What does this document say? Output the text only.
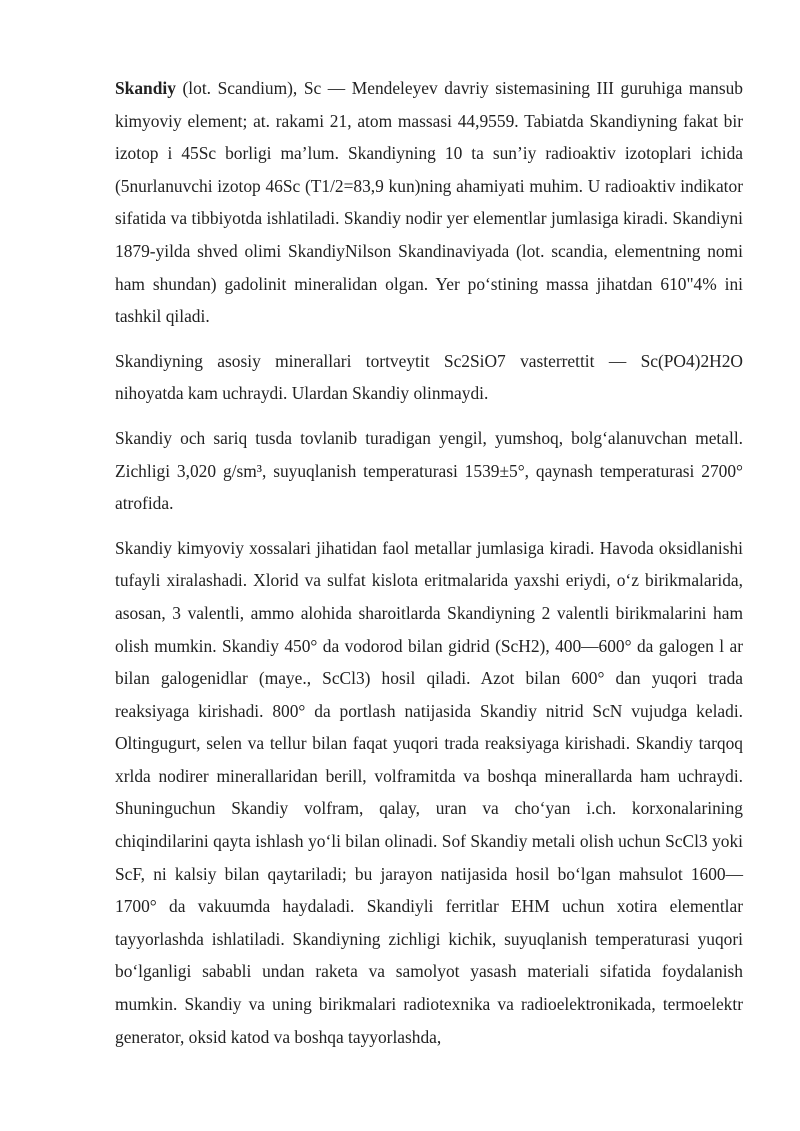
Skandiy (lot. Scandium), Sc — Mendeleyev davriy sistemasining III guruhiga mansub kimyoviy element; at. rakami 21, atom massasi 44,9559. Tabiatda Skandiyning fakat bir izotop i 45Sc borligi ma’lum. Skandiyning 10 ta sun’iy radioaktiv izotoplari ichida (5nurlanuvchi izotop 46Sc (T1/2=83,9 kun)ning ahamiyati muhim. U radioaktiv indikator sifatida va tibbiyotda ishlatiladi. Skandiy nodir yer elementlar jumlasiga kiradi. Skandiyni 1879-yilda shved olimi SkandiyNilson Skandinaviyada (lot. scandia, elementning nomi ham shundan) gadolinit mineralidan olgan. Yer po‘stining massa jihatdan 610"4% ini tashkil qiladi.

Skandiyning asosiy minerallari tortveytit Sc2SiO7 vasterrettit — Sc(PO4)2H2O nihoyatda kam uchraydi. Ulardan Skandiy olinmaydi.

Skandiy och sariq tusda tovlanib turadigan yengil, yumshoq, bolg‘alanuvchan metall. Zichligi 3,020 g/sm³, suyuqlanish temperaturasi 1539±5°, qaynash temperaturasi 2700° atrofida.

Skandiy kimyoviy xossalari jihatidan faol metallar jumlasiga kiradi. Havoda oksidlanishi tufayli xiralashadi. Xlorid va sulfat kislota eritmalarida yaxshi eriydi, o‘z birikmalarida, asosan, 3 valentli, ammo alohida sharoitlarda Skandiyning 2 valentli birikmalarini ham olish mumkin. Skandiy 450° da vodorod bilan gidrid (ScH2), 400—600° da galogen l ar bilan galogenidlar (maye., ScCl3) hosil qiladi. Azot bilan 600° dan yuqori trada reaksiyaga kirishadi. 800° da portlash natijasida Skandiy nitrid ScN vujudga keladi. Oltingugurt, selen va tellur bilan faqat yuqori trada reaksiyaga kirishadi. Skandiy tarqoq xrlda nodirer minerallaridan berill, volframitda va boshqa minerallarda ham uchraydi. Shuninguchun Skandiy volfram, qalay, uran va cho‘yan i.ch. korxonalarining chiqindilarini qayta ishlash yo‘li bilan olinadi. Sof Skandiy metali olish uchun ScCl3 yoki ScF, ni kalsiy bilan qaytariladi; bu jarayon natijasida hosil bo‘lgan mahsulot 1600— 1700° da vakuumda haydaladi. Skandiyli ferritlar EHM uchun xotira elementlar tayyorlashda ishlatiladi. Skandiyning zichligi kichik, suyuqlanish temperaturasi yuqori bo‘lganligi sababli undan raketa va samolyot yasash materiali sifatida foydalanish mumkin. Skandiy va uning birikmalari radiotexnika va radioelektronikada, termoelektr generator, oksid katod va boshqa tayyorlashda,
